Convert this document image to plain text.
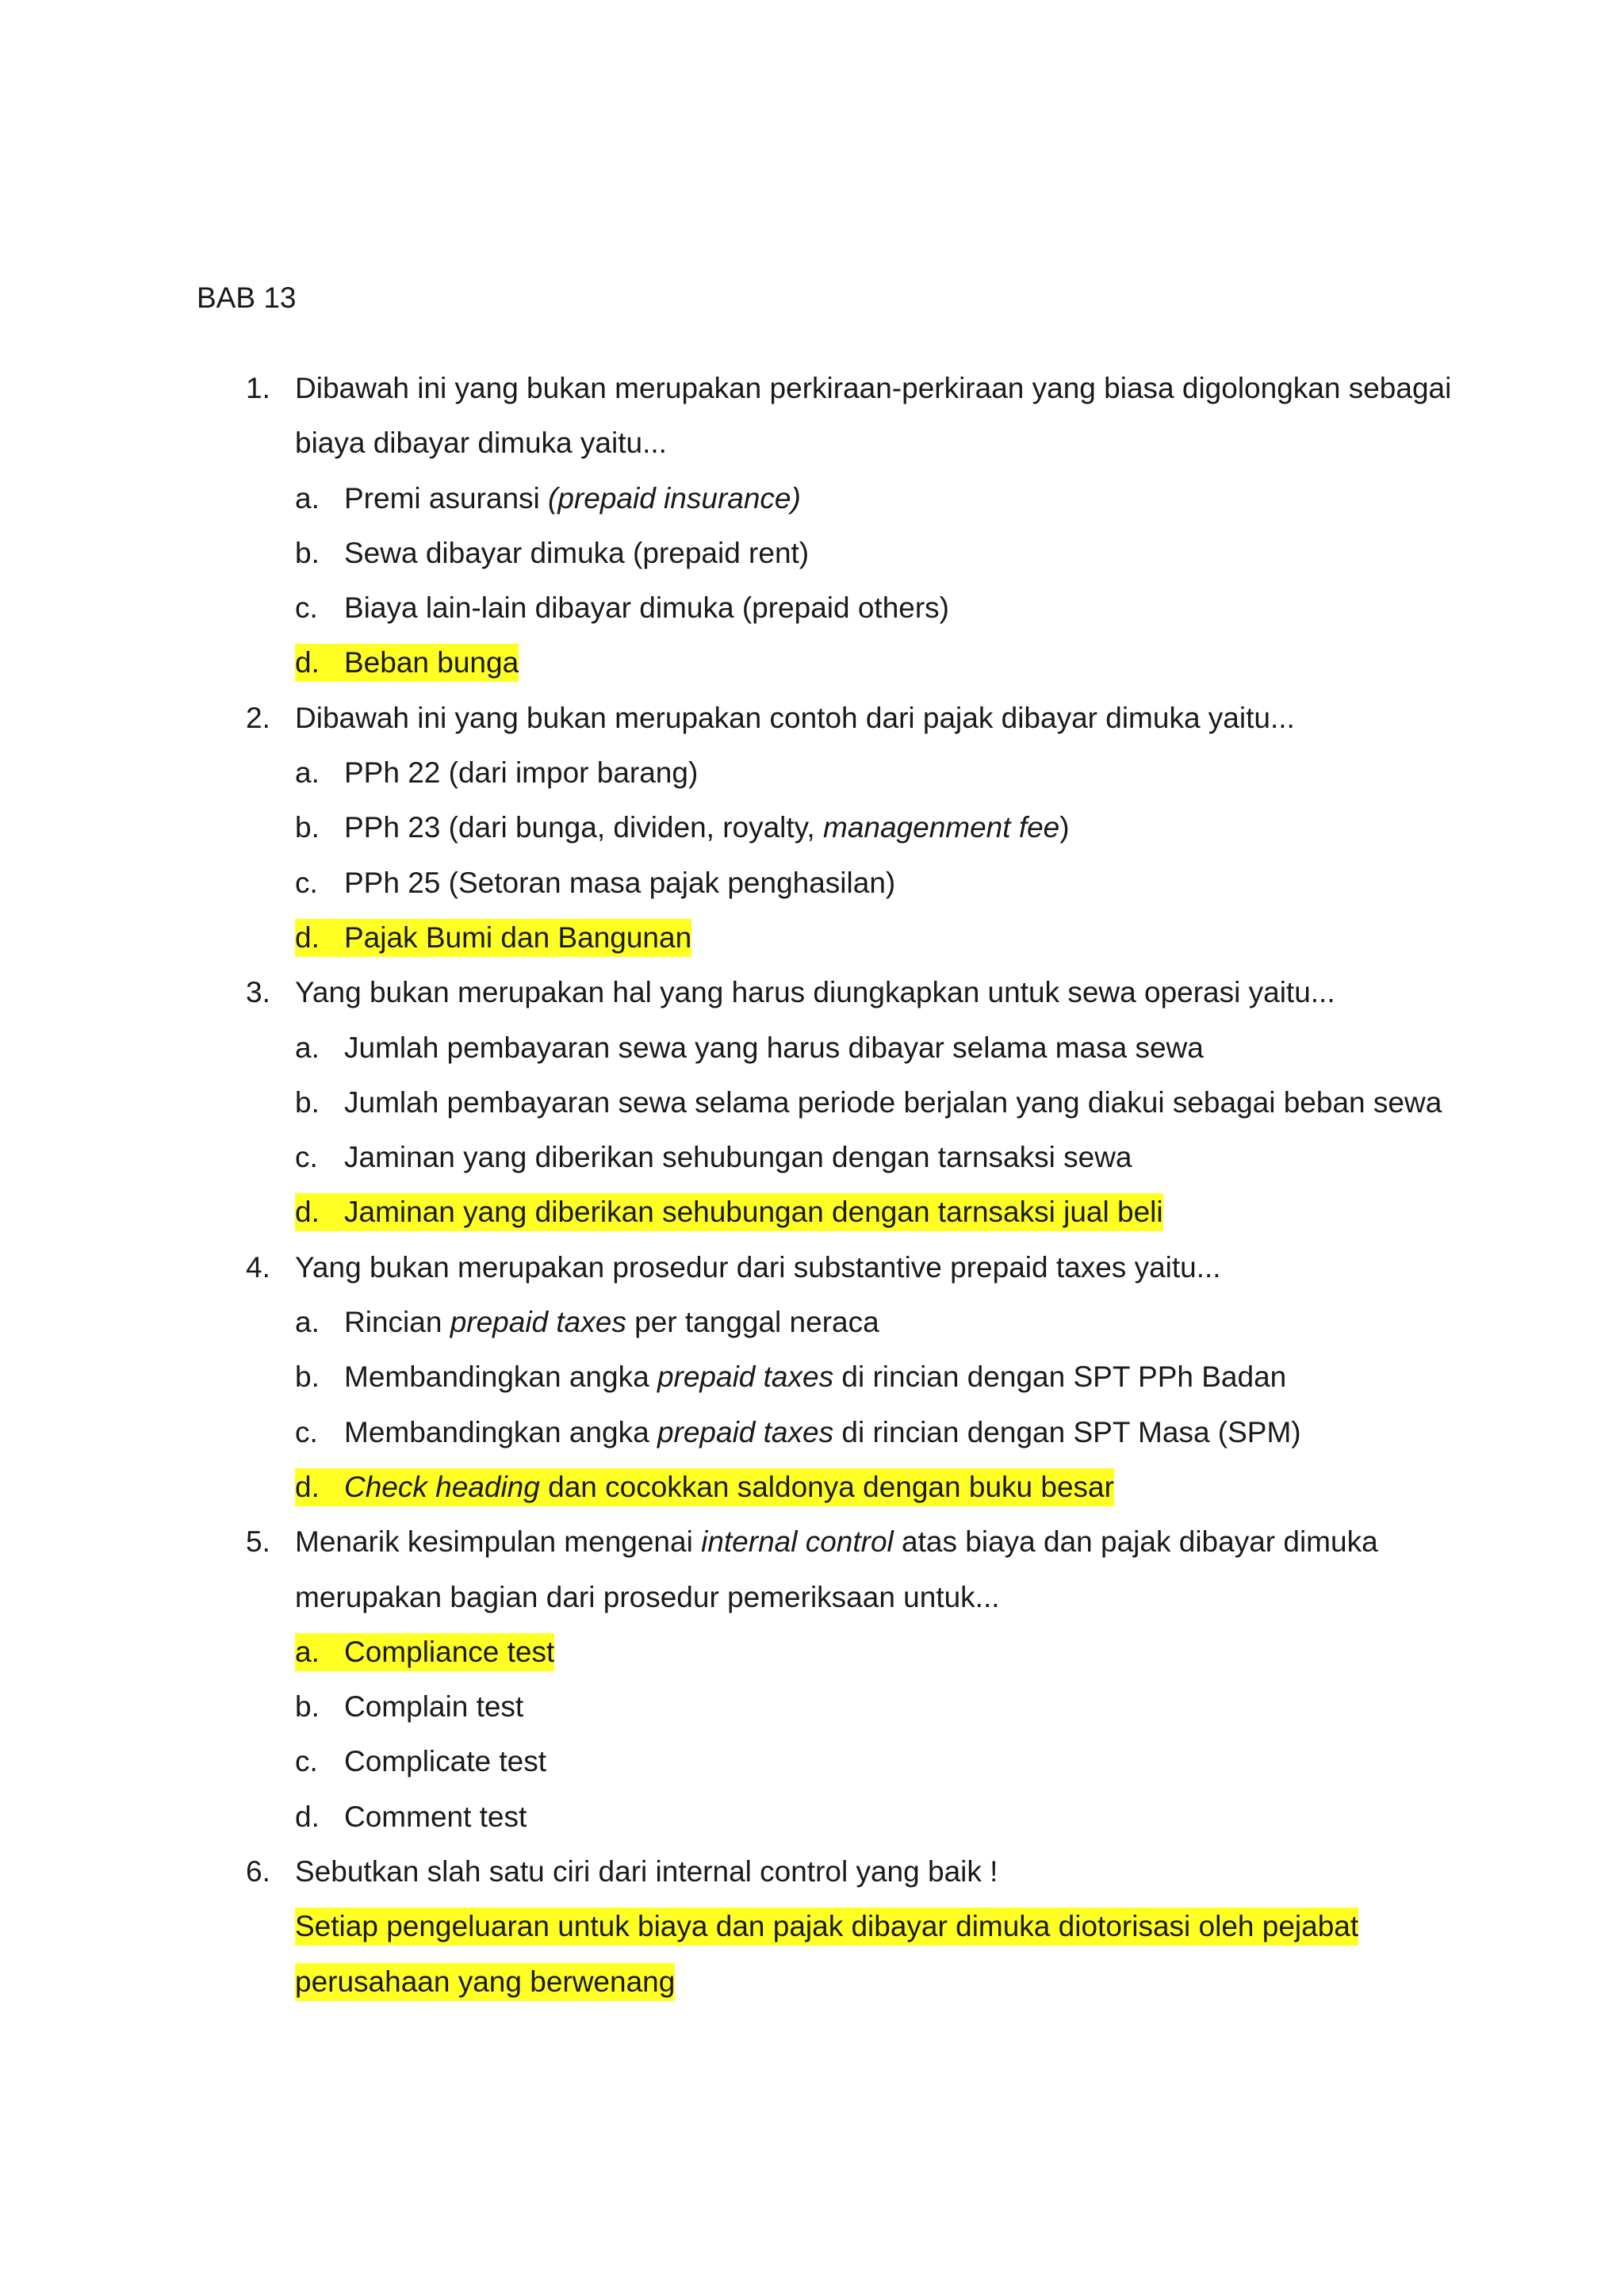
BAB 13
1. Dibawah ini yang bukan merupakan perkiraan-perkiraan yang biasa digolongkan sebagai
biaya dibayar dimuka yaitu...
a. Premi asuransi (prepaid insurance)
b. Sewa dibayar dimuka (prepaid rent)
c. Biaya lain-lain dibayar dimuka (prepaid others)
d. Beban bunga
2. Dibawah ini yang bukan merupakan contoh dari pajak dibayar dimuka yaitu...
a. PPh 22 (dari impor barang)
b. PPh 23 (dari bunga, dividen, royalty, managenment fee)
c. PPh 25 (Setoran masa pajak penghasilan)
d. Pajak Bumi dan Bangunan
3. Yang bukan merupakan hal yang harus diungkapkan untuk sewa operasi yaitu...
a. Jumlah pembayaran sewa yang harus dibayar selama masa sewa
b. Jumlah pembayaran sewa selama periode berjalan yang diakui sebagai beban sewa
c. Jaminan yang diberikan sehubungan dengan tarnsaksi sewa
d. Jaminan yang diberikan sehubungan dengan tarnsaksi jual beli
4. Yang bukan merupakan prosedur dari substantive prepaid taxes yaitu...
a. Rincian prepaid taxes per tanggal neraca
b. Membandingkan angka prepaid taxes di rincian dengan SPT PPh Badan
c. Membandingkan angka prepaid taxes di rincian dengan SPT Masa (SPM)
d. Check heading dan cocokkan saldonya dengan buku besar
5. Menarik kesimpulan mengenai internal control atas biaya dan pajak dibayar dimuka
merupakan bagian dari prosedur pemeriksaan untuk...
a. Compliance test
b. Complain test
c. Complicate test
d. Comment test
6. Sebutkan slah satu ciri dari internal control yang baik !
Setiap pengeluaran untuk biaya dan pajak dibayar dimuka diotorisasi oleh pejabat
perusahaan yang berwenang
